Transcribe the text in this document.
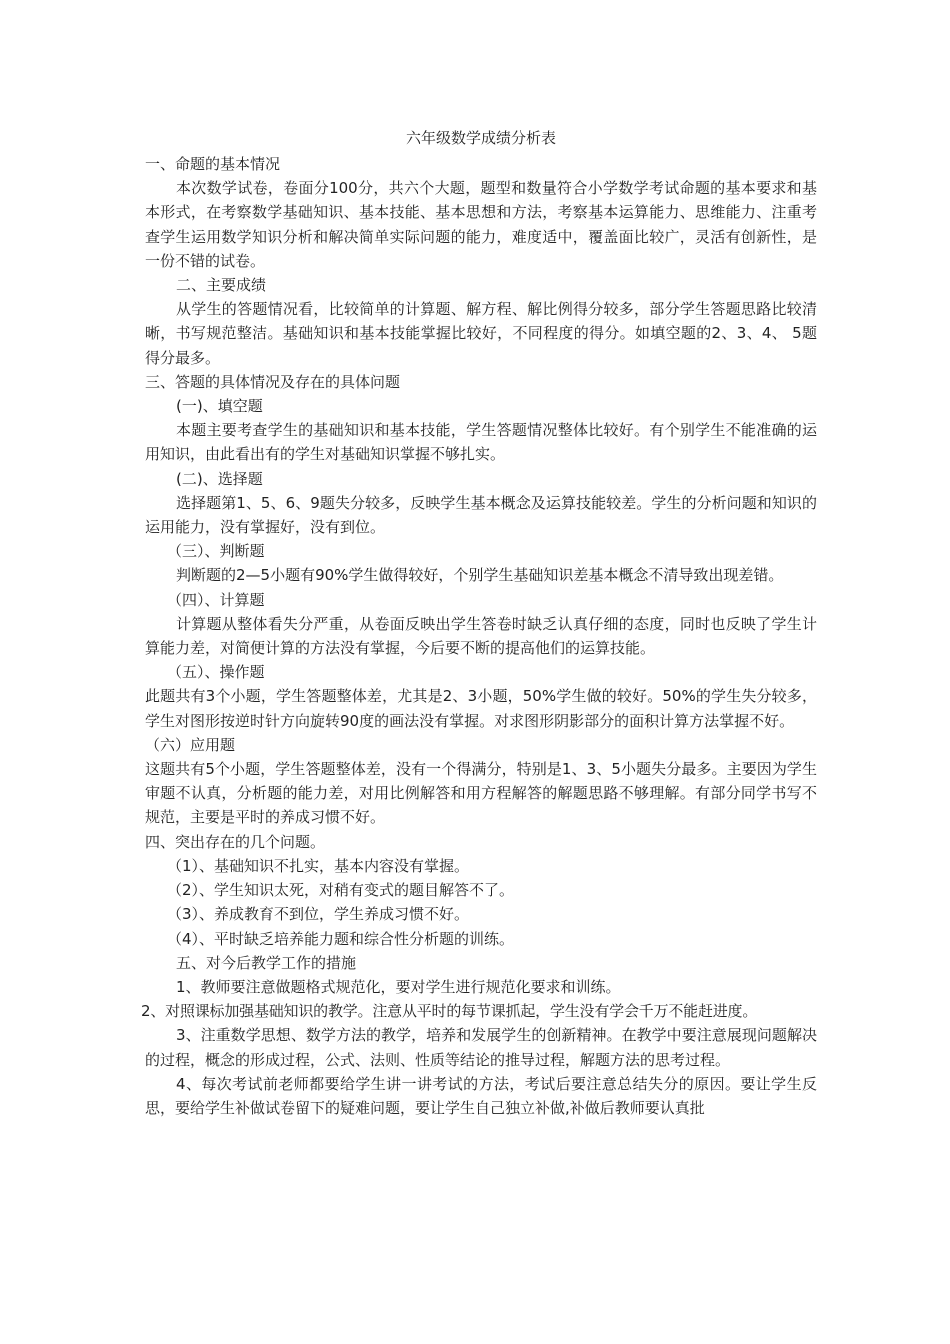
六年级数学成绩分析表

一、命题的基本情况

本次数学试卷，卷面分100分，共六个大题，题型和数量符合小学数学考试命题的基本要求和基本形式，在考察数学基础知识、基本技能、基本思想和方法，考察基本运算能力、思维能力、注重考查学生运用数学知识分析和解决简单实际问题的能力，难度适中，覆盖面比较广，灵活有创新性，是一份不错的试卷。

二、主要成绩

从学生的答题情况看，比较简单的计算题、解方程、解比例得分较多，部分学生答题思路比较清晰，书写规范整洁。基础知识和基本技能掌握比较好，不同程度的得分。如填空题的2、3、4、 5题得分最多。

三、答题的具体情况及存在的具体问题

(一)、填空题

本题主要考查学生的基础知识和基本技能，学生答题情况整体比较好。有个别学生不能准确的运用知识，由此看出有的学生对基础知识掌握不够扎实。

(二)、选择题

选择题第1、5、6、9题失分较多，反映学生基本概念及运算技能较差。学生的分析问题和知识的运用能力，没有掌握好，没有到位。

（三）、判断题

判断题的2—5小题有90%学生做得较好，个别学生基础知识差基本概念不清导致出现差错。

（四）、计算题

计算题从整体看失分严重，从卷面反映出学生答卷时缺乏认真仔细的态度，同时也反映了学生计算能力差，对简便计算的方法没有掌握，今后要不断的提高他们的运算技能。

（五）、操作题

此题共有3个小题，学生答题整体差，尤其是2、3小题，50%学生做的较好。50%的学生失分较多，学生对图形按逆时针方向旋转90度的画法没有掌握。对求图形阴影部分的面积计算方法掌握不好。

（六）应用题

这题共有5个小题，学生答题整体差，没有一个得满分，特别是1、3、5小题失分最多。主要因为学生审题不认真，分析题的能力差，对用比例解答和用方程解答的解题思路不够理解。有部分同学书写不规范，主要是平时的养成习惯不好。

四、突出存在的几个问题。

（1）、基础知识不扎实，基本内容没有掌握。

（2）、学生知识太死，对稍有变式的题目解答不了。

（3）、养成教育不到位，学生养成习惯不好。

（4）、平时缺乏培养能力题和综合性分析题的训练。

五、对今后教学工作的措施

1、教师要注意做题格式规范化，要对学生进行规范化要求和训练。

2、对照课标加强基础知识的教学。注意从平时的每节课抓起，学生没有学会千万不能赶进度。

3、注重数学思想、数学方法的教学，培养和发展学生的创新精神。在教学中要注意展现问题解决的过程，概念的形成过程，公式、法则、性质等结论的推导过程，解题方法的思考过程。

4、每次考试前老师都要给学生讲一讲考试的方法，考试后要注意总结失分的原因。要让学生反思，要给学生补做试卷留下的疑难问题，要让学生自己独立补做,补做后教师要认真批
